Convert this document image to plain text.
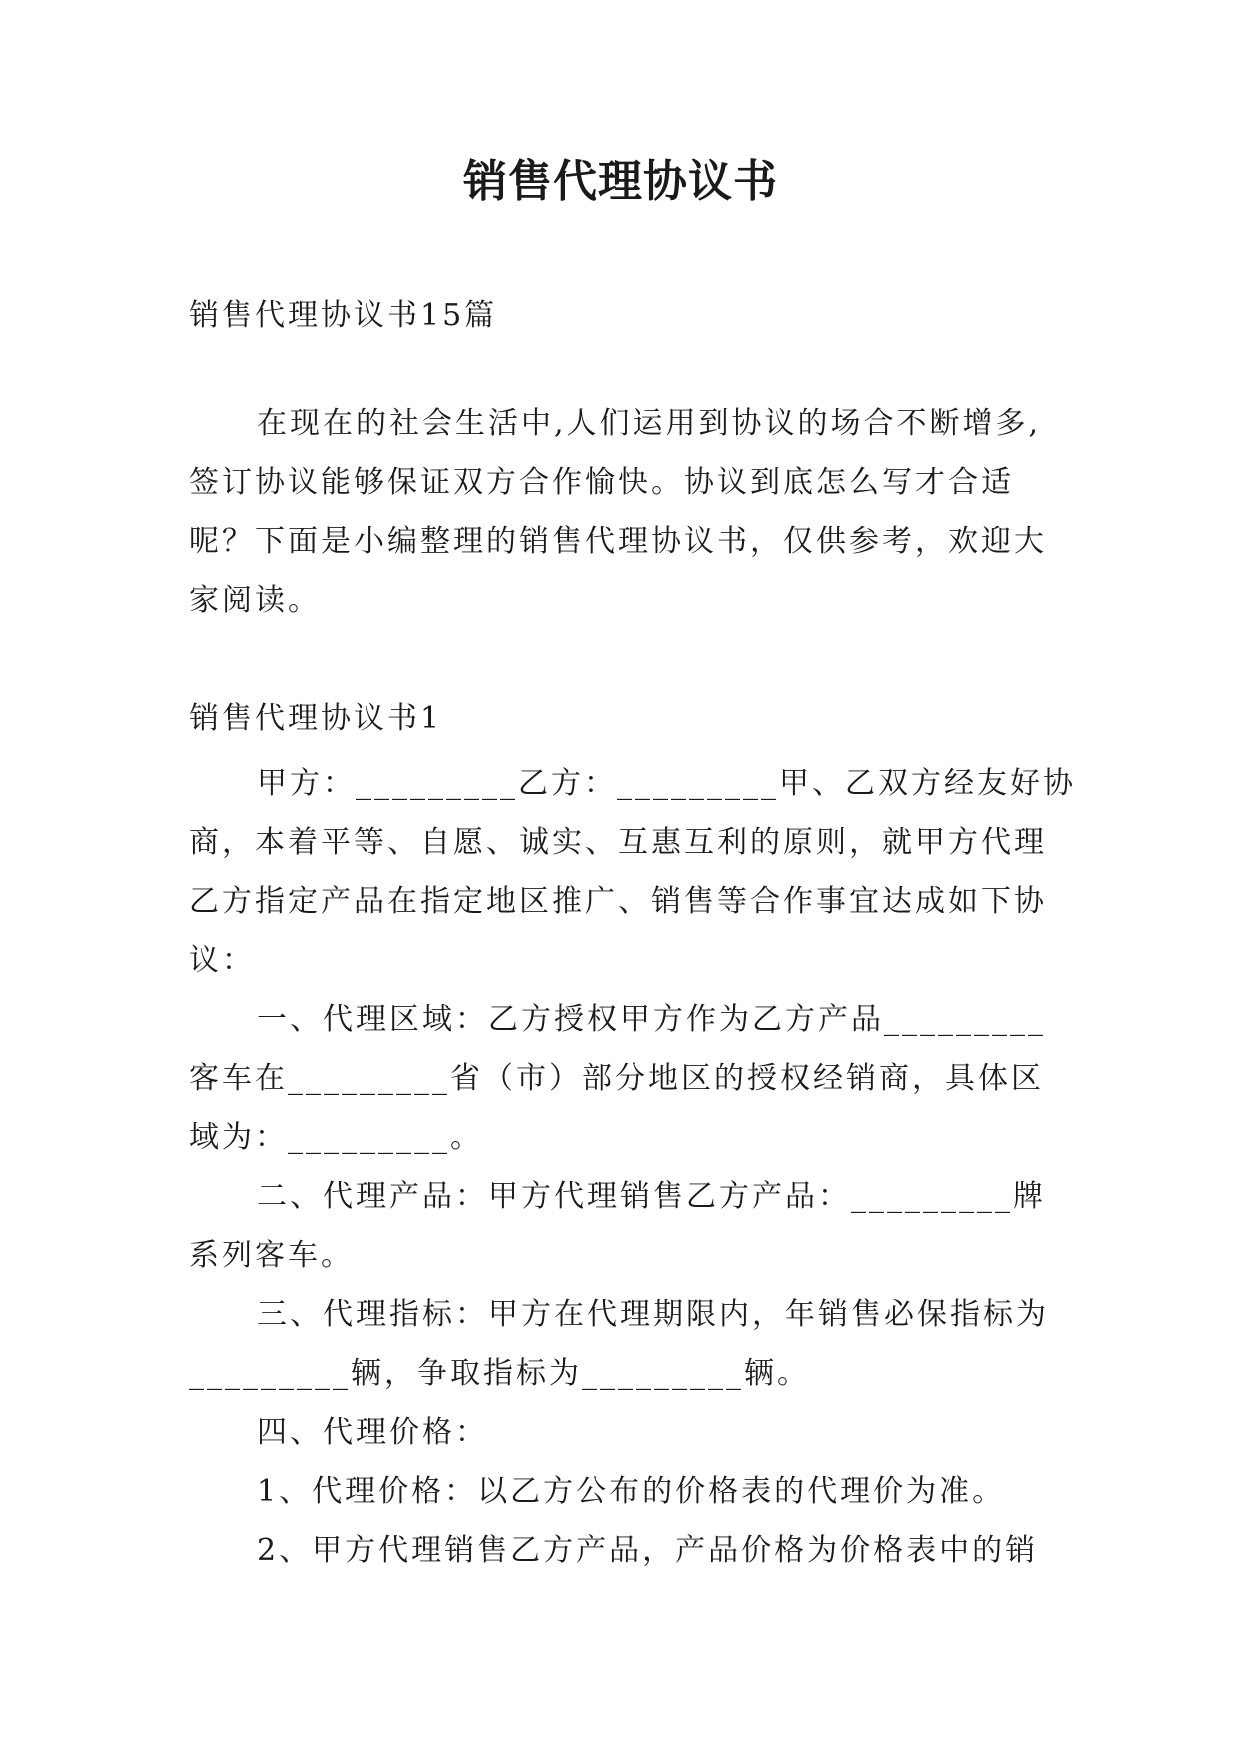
销售代理协议书

销售代理协议书15篇

在现在的社会生活中,人们运用到协议的场合不断增多,

签订协议能够保证双方合作愉快。协议到底怎么写才合适

呢？下面是小编整理的销售代理协议书，仅供参考，欢迎大

家阅读。

销售代理协议书1

甲方：_________乙方：_________甲、乙双方经友好协

商，本着平等、自愿、诚实、互惠互利的原则，就甲方代理

乙方指定产品在指定地区推广、销售等合作事宜达成如下协

议：

一、代理区域：乙方授权甲方作为乙方产品_________

客车在_________省（市）部分地区的授权经销商，具体区

域为：_________。

二、代理产品：甲方代理销售乙方产品：_________牌

系列客车。

三、代理指标：甲方在代理期限内，年销售必保指标为

_________辆，争取指标为_________辆。

四、代理价格：

1、代理价格：以乙方公布的价格表的代理价为准。

2、甲方代理销售乙方产品，产品价格为价格表中的销
